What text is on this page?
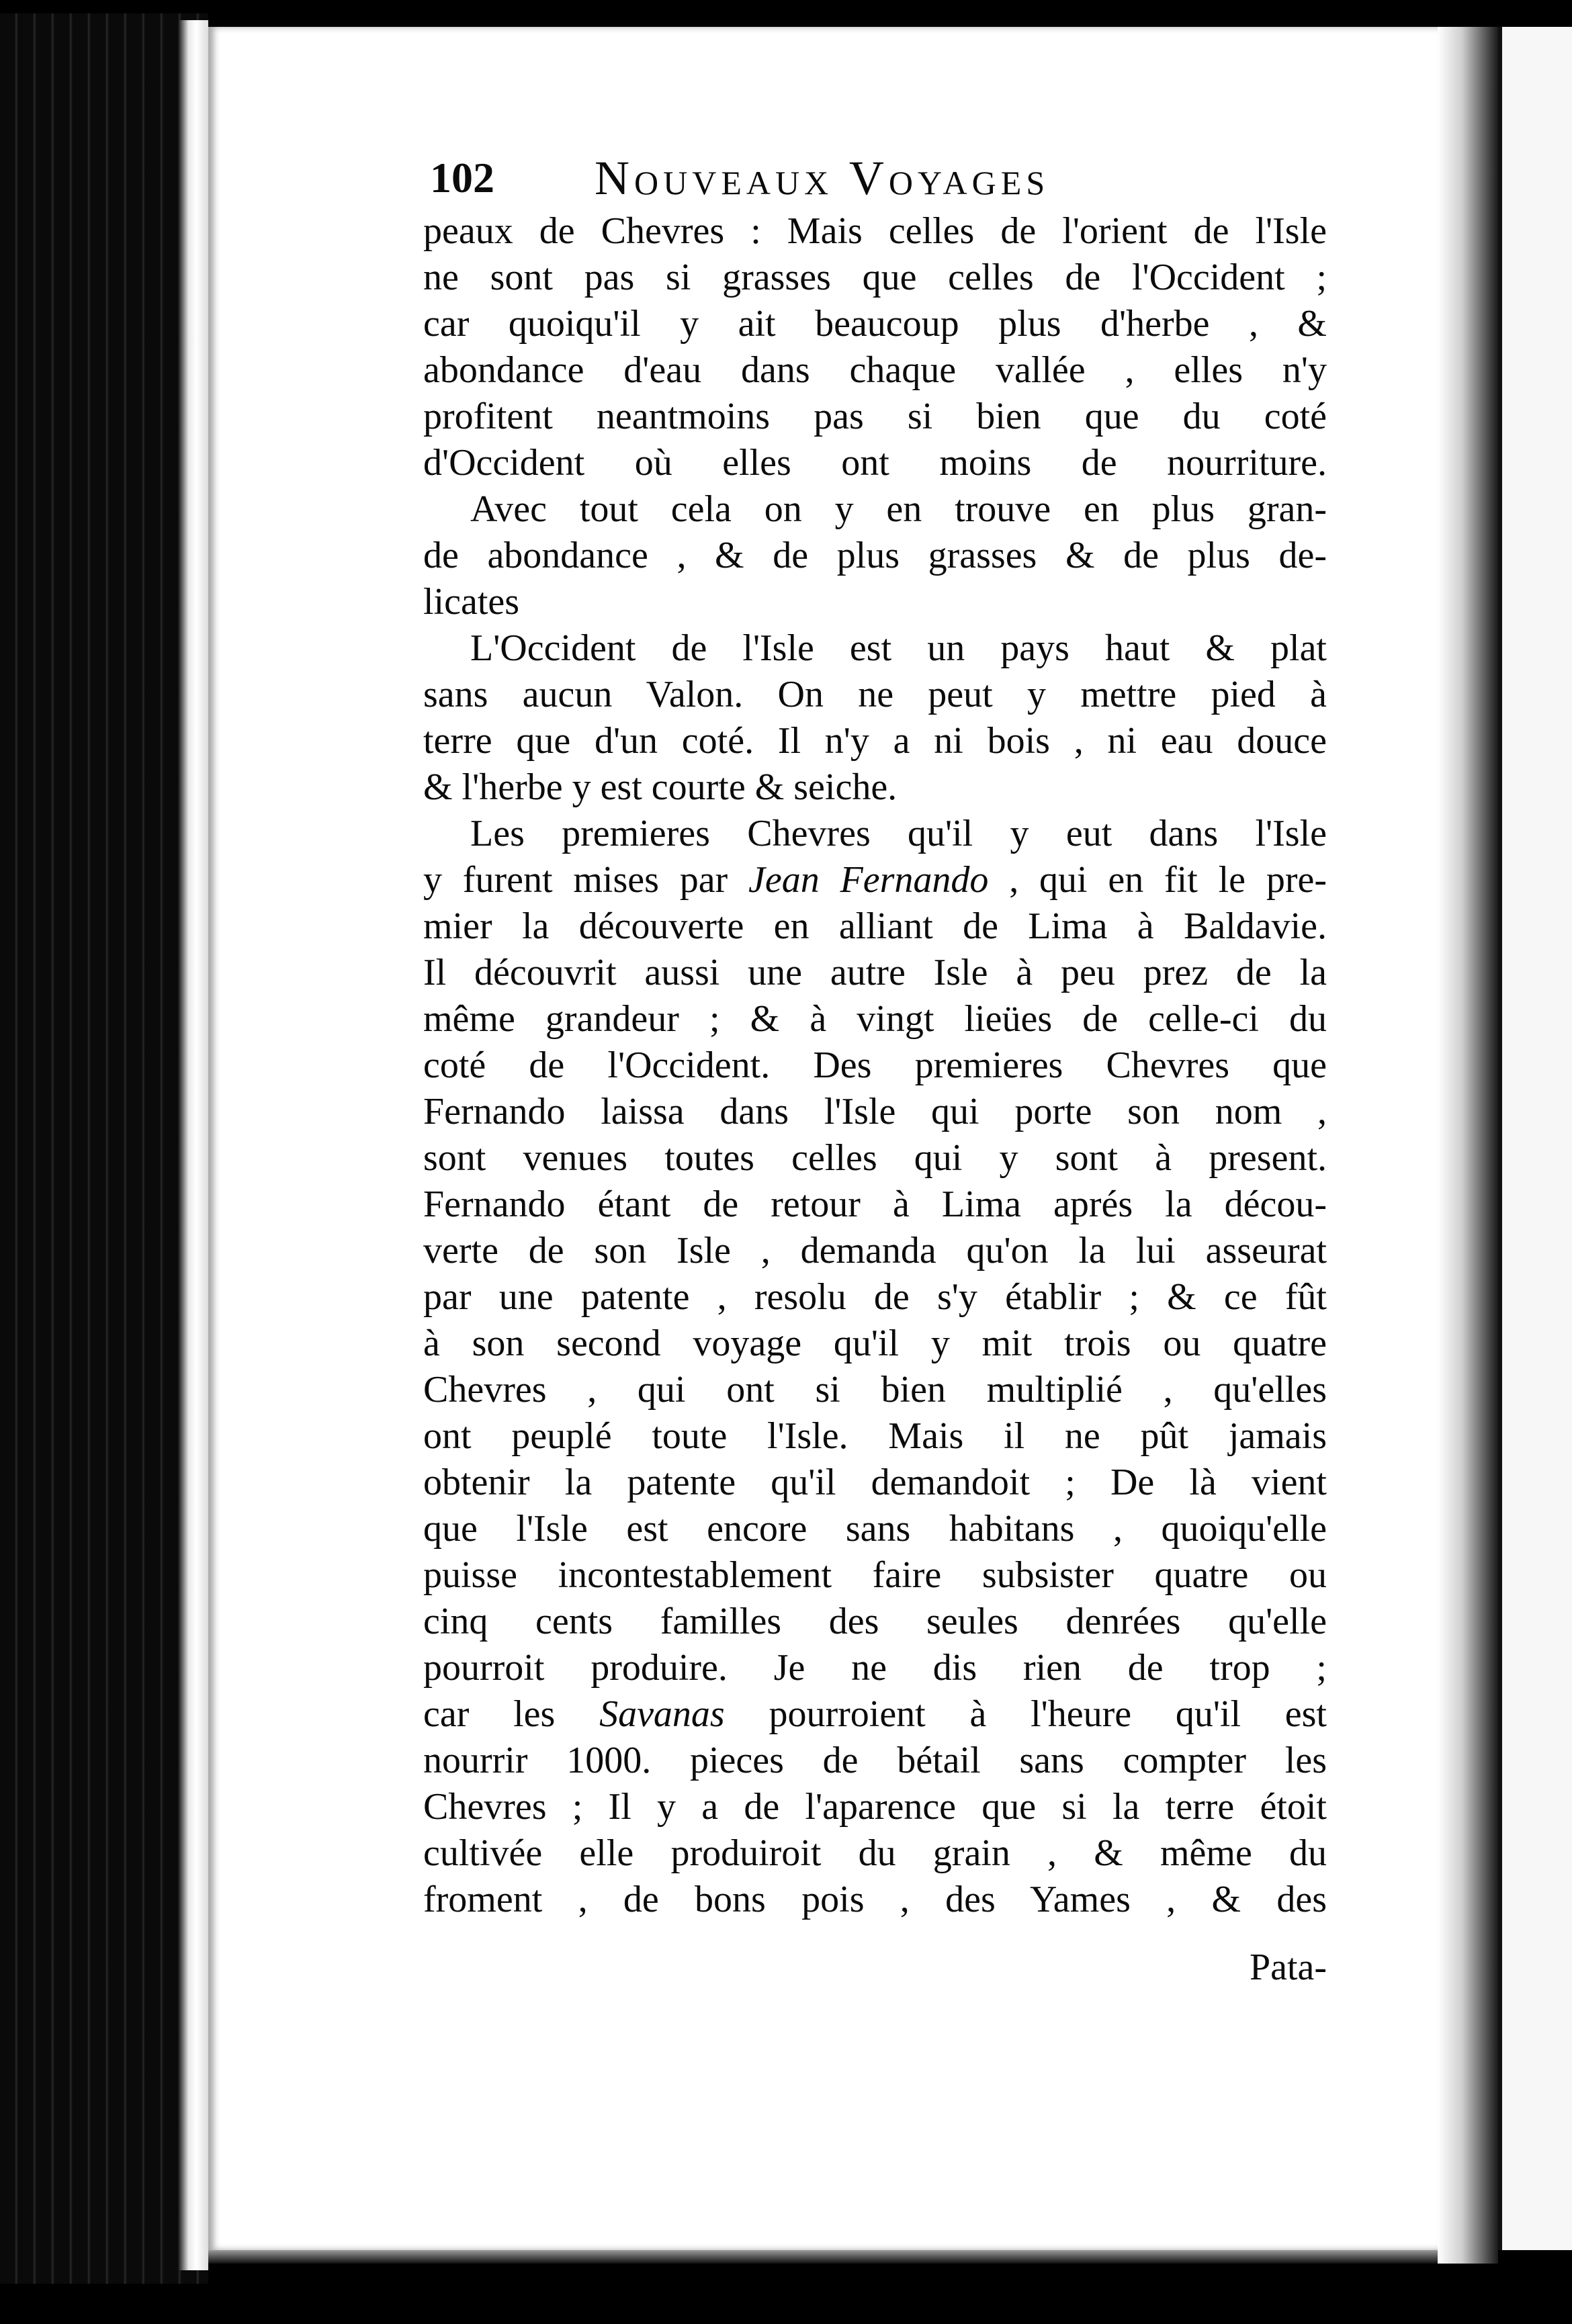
102 Nouveaux Voyages
peaux de Chevres : Mais celles de l'orient de l'Isle
ne sont pas si grasses que celles de l'Occident ;
car quoiqu'il y ait beaucoup plus d'herbe , &
abondance d'eau dans chaque vallée , elles n'y
profitent neantmoins pas si bien que du coté
d'Occident où elles ont moins de nourriture.
Avec tout cela on y en trouve en plus gran-
de abondance , & de plus grasses & de plus de-
licates
L'Occident de l'Isle est un pays haut & plat
sans aucun Valon. On ne peut y mettre pied à
terre que d'un coté. Il n'y a ni bois , ni eau douce
& l'herbe y est courte & seiche.
Les premieres Chevres qu'il y eut dans l'Isle
y furent mises par Jean Fernando , qui en fit le pre-
mier la découverte en alliant de Lima à Baldavie.
Il découvrit aussi une autre Isle à peu prez de la
même grandeur ; & à vingt lieües de celle-ci du
coté de l'Occident. Des premieres Chevres que
Fernando laissa dans l'Isle qui porte son nom ,
sont venues toutes celles qui y sont à present.
Fernando étant de retour à Lima aprés la décou-
verte de son Isle , demanda qu'on la lui asseurat
par une patente , resolu de s'y établir ; & ce fût
à son second voyage qu'il y mit trois ou quatre
Chevres , qui ont si bien multiplié , qu'elles
ont peuplé toute l'Isle. Mais il ne pût jamais
obtenir la patente qu'il demandoit ; De là vient
que l'Isle est encore sans habitans , quoiqu'elle
puisse incontestablement faire subsister quatre ou
cinq cents familles des seules denrées qu'elle
pourroit produire. Je ne dis rien de trop ;
car les Savanas pourroient à l'heure qu'il est
nourrir 1000. pieces de bétail sans compter les
Chevres ; Il y a de l'aparence que si la terre étoit
cultivée elle produiroit du grain , & même du
froment , de bons pois , des Yames , & des
Pata-
